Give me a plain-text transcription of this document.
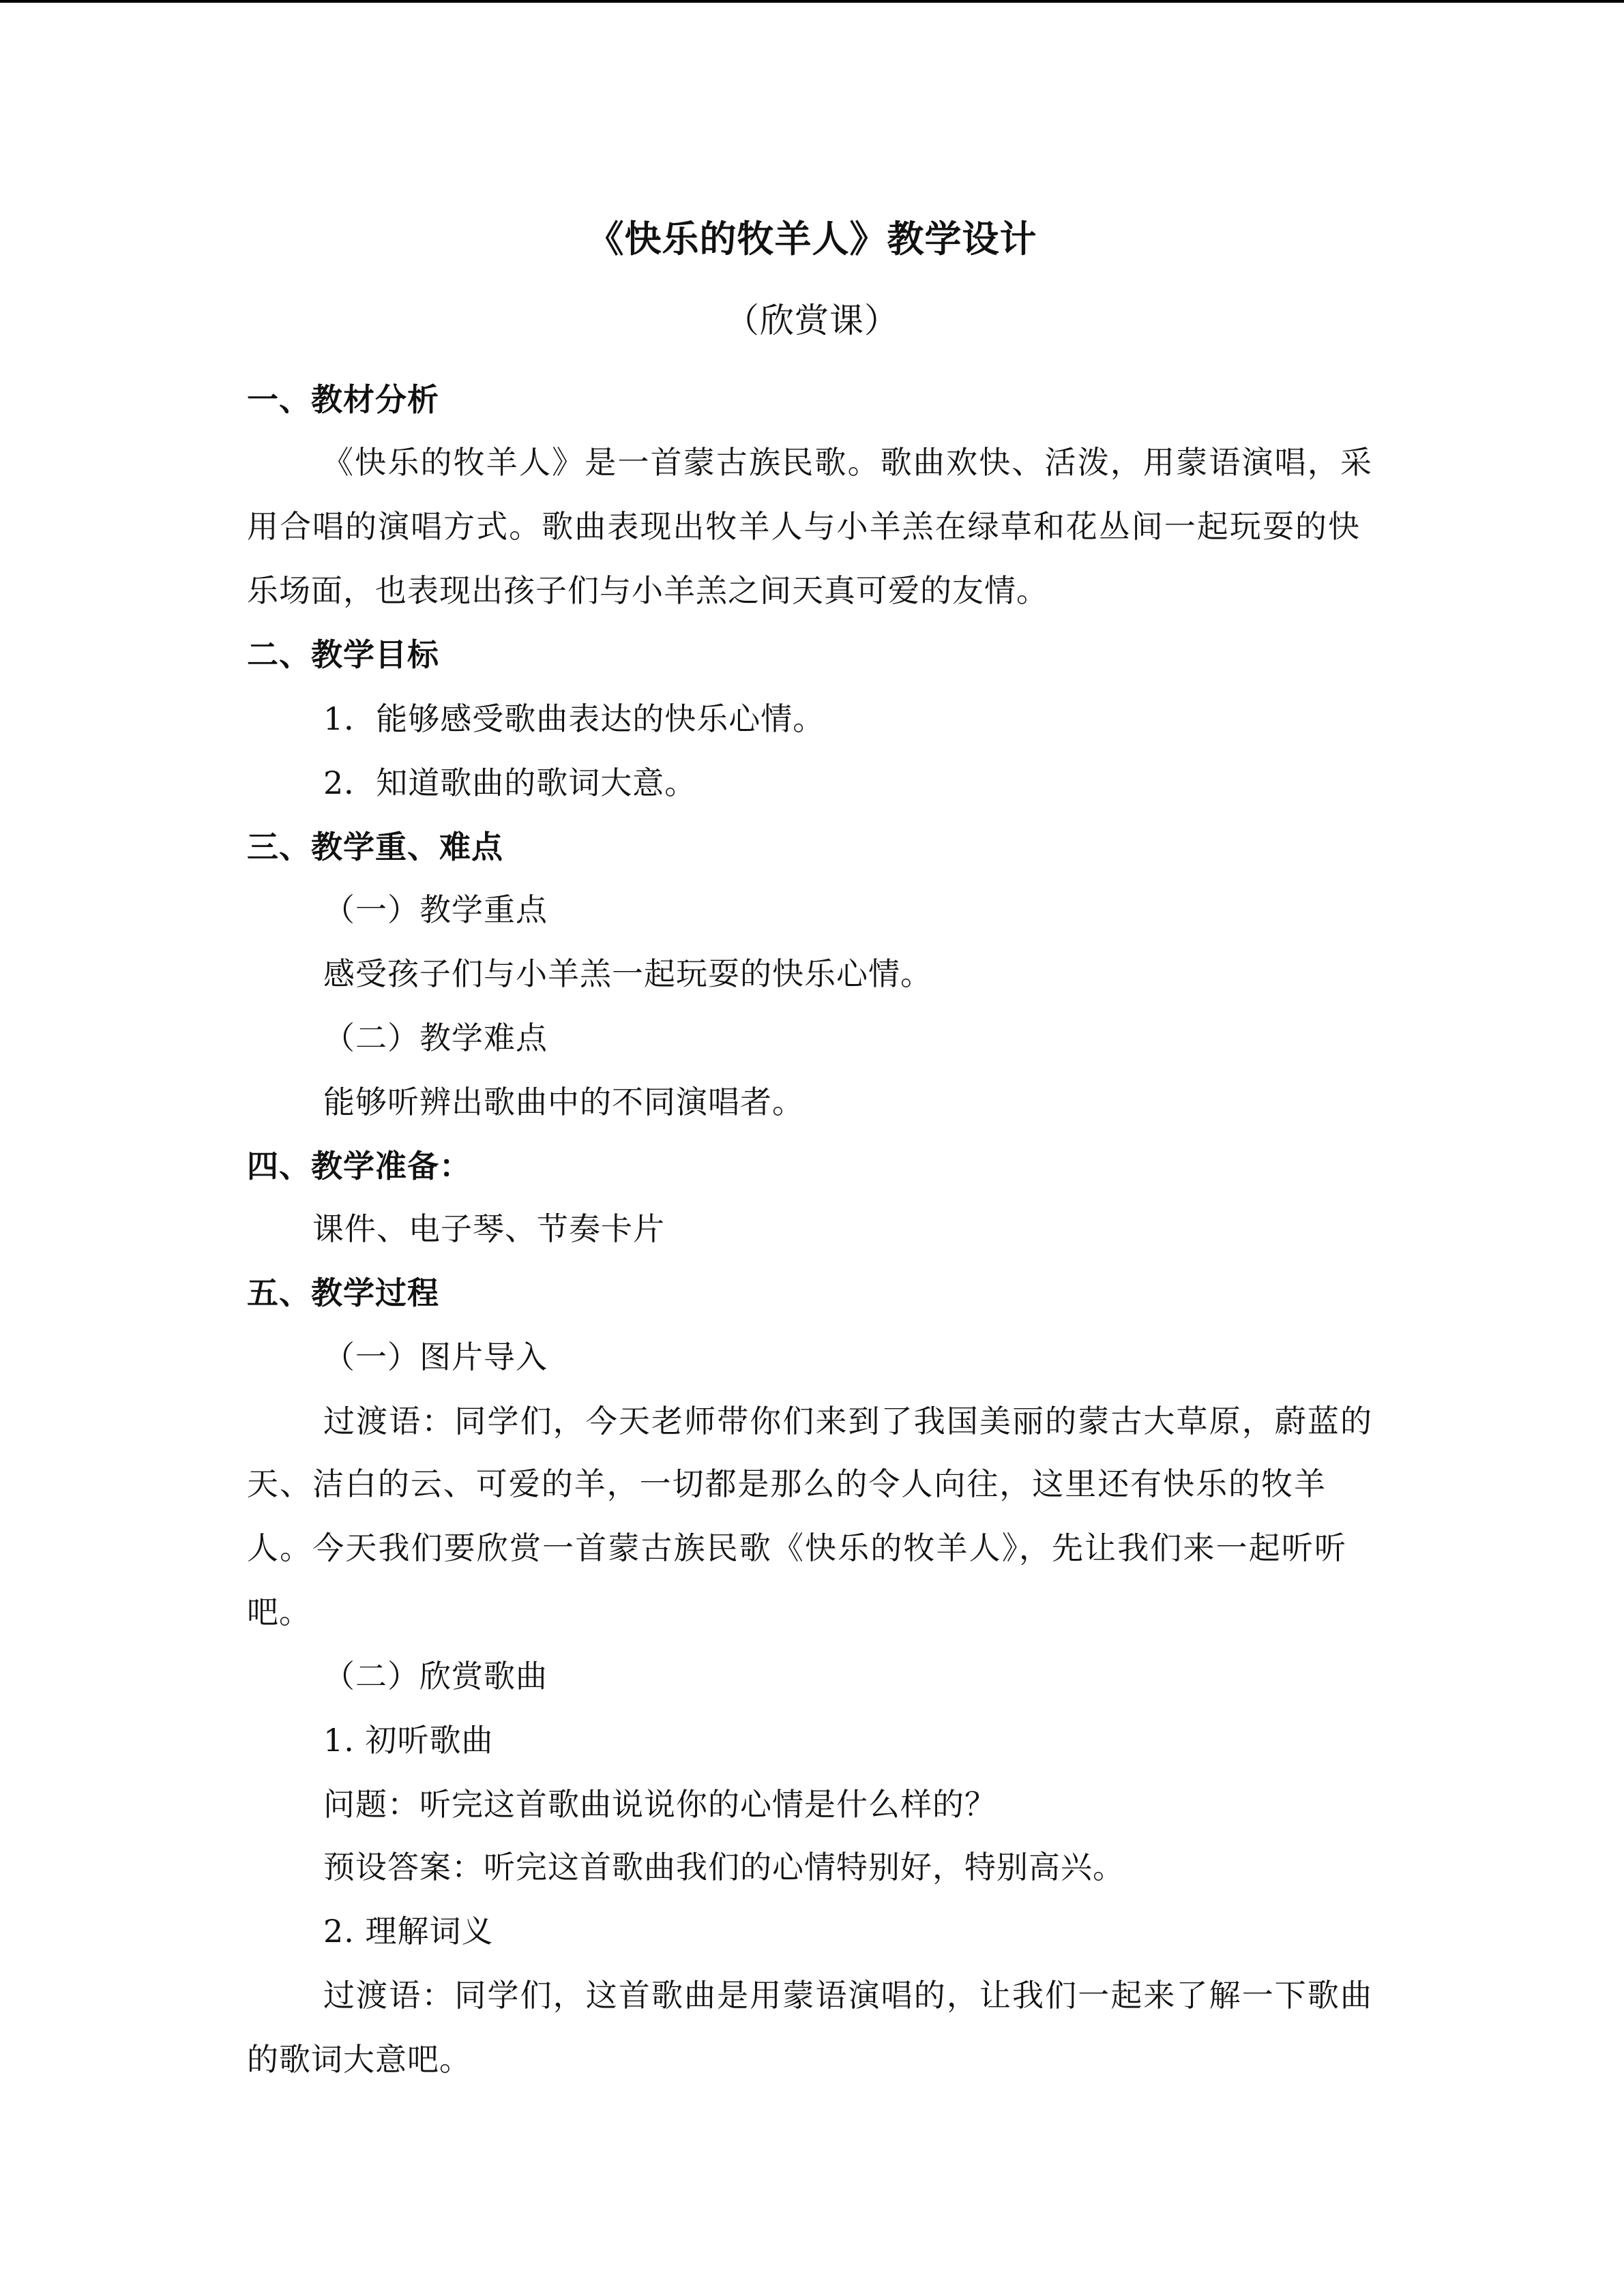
《快乐的牧羊人》教学设计
（欣赏课）
一、教材分析
《快乐的牧羊人》是一首蒙古族民歌。歌曲欢快、活泼，用蒙语演唱，采
用合唱的演唱方式。歌曲表现出牧羊人与小羊羔在绿草和花丛间一起玩耍的快
乐场面，也表现出孩子们与小羊羔之间天真可爱的友情。
二、教学目标
1．能够感受歌曲表达的快乐心情。
2．知道歌曲的歌词大意。
三、教学重、难点
（一）教学重点
感受孩子们与小羊羔一起玩耍的快乐心情。
（二）教学难点
能够听辨出歌曲中的不同演唱者。
四、教学准备：
课件、电子琴、节奏卡片
五、教学过程
（一）图片导入
过渡语：同学们，今天老师带你们来到了我国美丽的蒙古大草原，蔚蓝的
天、洁白的云、可爱的羊，一切都是那么的令人向往，这里还有快乐的牧羊
人。今天我们要欣赏一首蒙古族民歌《快乐的牧羊人》，先让我们来一起听听
吧。
（二）欣赏歌曲
1. 初听歌曲
问题：听完这首歌曲说说你的心情是什么样的？
预设答案：听完这首歌曲我们的心情特别好，特别高兴。
2. 理解词义
过渡语：同学们，这首歌曲是用蒙语演唱的，让我们一起来了解一下歌曲
的歌词大意吧。
